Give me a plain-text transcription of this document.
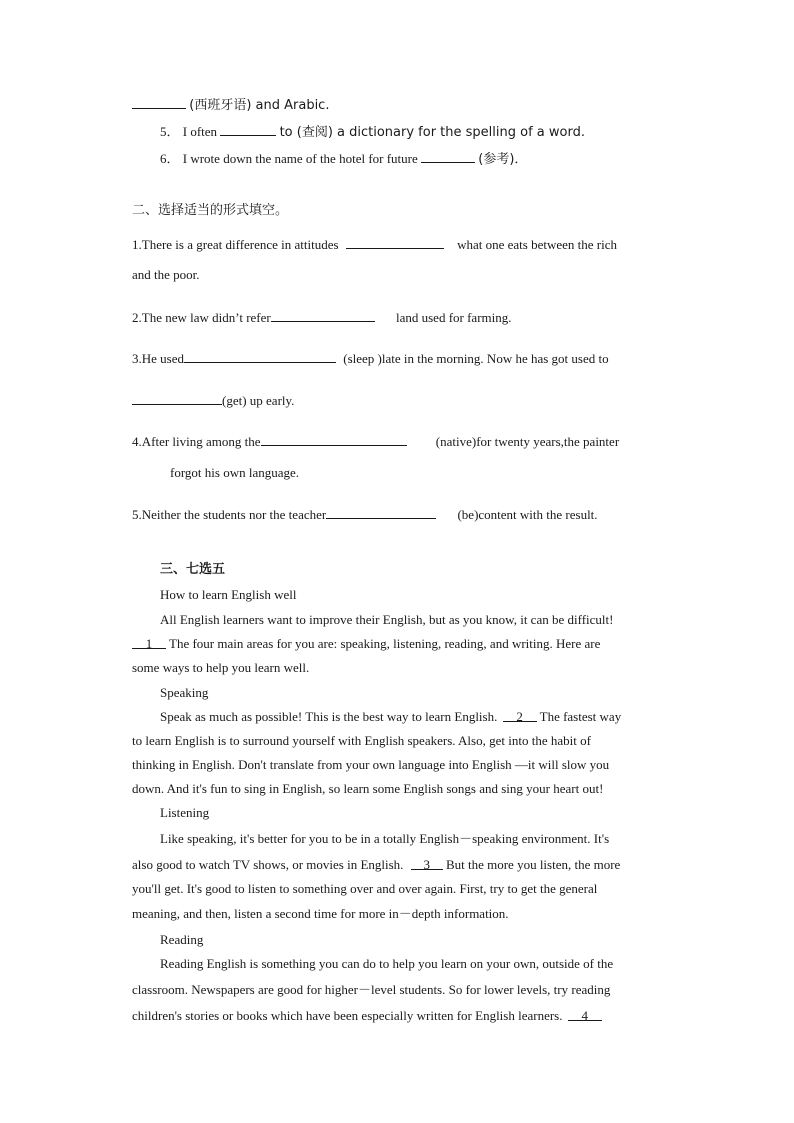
(西班牙语) and Arabic.
5． I often	to (查阅) a dictionary for the spelling of a word.
6． I wrote down the name of the hotel for future	(参考)．
二、选择适当的形式填空。
1.There is a great difference in attitudes	what one eats between the rich
and the poor.
2.The new law didn’t refer	land used for farming.
3.He used	(sleep )late in the morning. Now he has got used to
(get) up early.
4.After living among the	(native)for twenty years,the painter
forgot his own language.
5.Neither the students nor the teacher	(be)content with the result.
三、七选五
How to learn English well
All English learners want to improve their English, but as you know, it can be difficult!
1 The four main areas for you are: speaking, listening, reading, and writing. Here are
some ways to help you learn well.
Speaking
Speak as much as possible! This is the best way to learn English. 2 The fastest way
to learn English is to surround yourself with English speakers. Also, get into the habit of
thinking in English. Don't translate from your own language into English —it will slow you
down. And it's fun to sing in English, so learn some English songs and sing your heart out!
Listening
Like speaking, it's better for you to be in a totally English－speaking environment. It's
also good to watch TV shows, or movies in English. 3 But the more you listen, the more
you'll get. It's good to listen to something over and over again. First, try to get the general
meaning, and then, listen a second time for more in－depth information.
Reading
Reading English is something you can do to help you learn on your own, outside of the
classroom. Newspapers are good for higher－level students. So for lower levels, try reading
children's stories or books which have been especially written for English learners. 4
